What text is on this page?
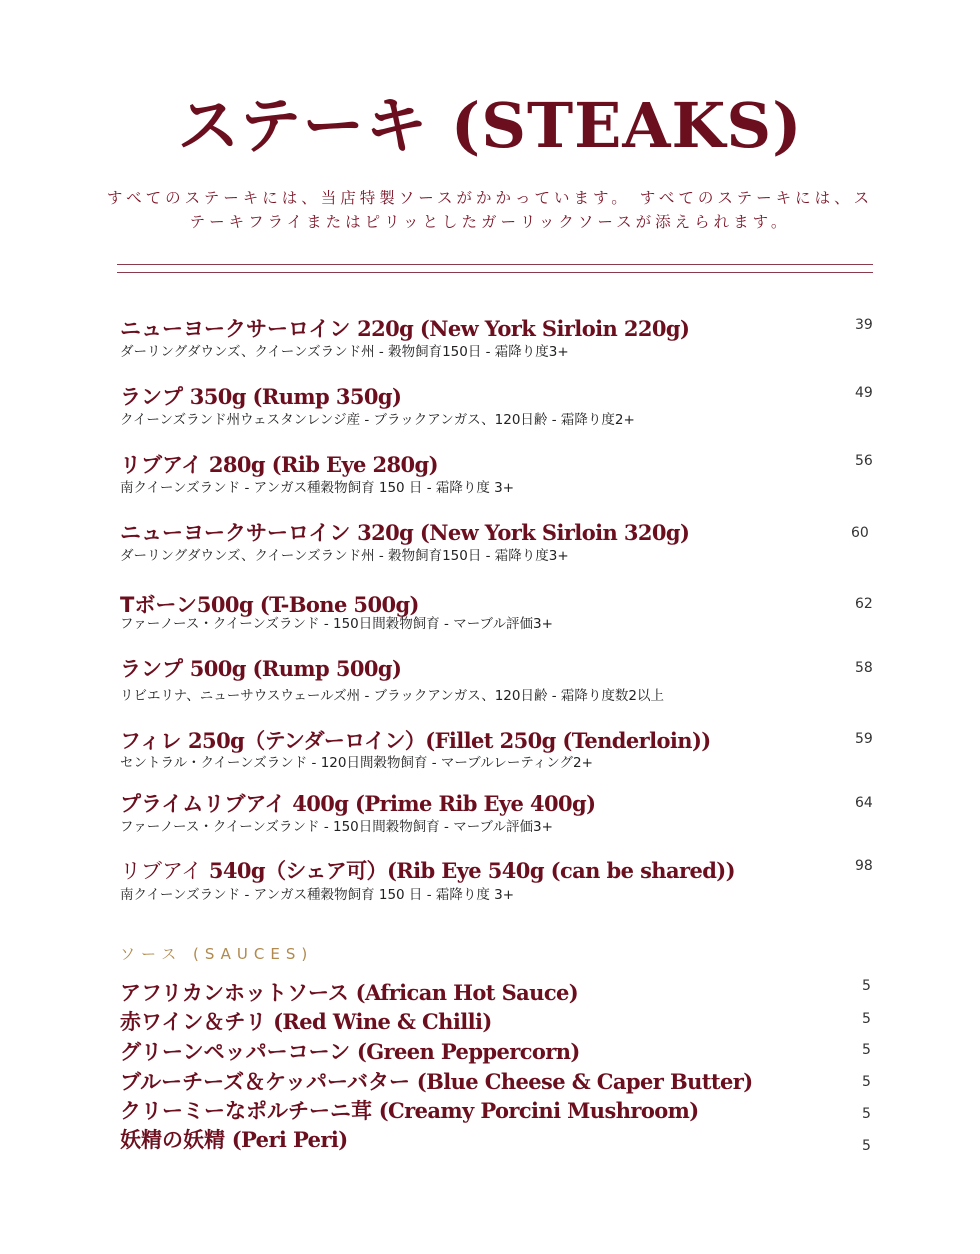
ステーキ (STEAKS)
すべてのステーキには、当店特製ソースがかかっています。 すべてのステーキには、ステーキフライまたはピリッとしたガーリックソースが添えられます。
ニューヨークサーロイン 220g (New York Sirloin 220g)
ダーリングダウンズ、クイーンズランド州 - 穀物飼育150日 - 霜降り度3+
39
ランプ 350g (Rump 350g)
クイーンズランド州ウェスタンレンジ産 - ブラックアンガス、120日齢 - 霜降り度2+
49
リブアイ 280g (Rib Eye 280g)
南クイーンズランド - アンガス種穀物飼育 150 日 - 霜降り度 3+
56
ニューヨークサーロイン 320g (New York Sirloin 320g)
ダーリングダウンズ、クイーンズランド州 - 穀物飼育150日 - 霜降り度3+
60
Tボーン500g (T-Bone 500g)
ファーノース・クイーンズランド - 150日間穀物飼育 - マーブル評価3+
62
ランプ 500g (Rump 500g)
リビエリナ、ニューサウスウェールズ州 - ブラックアンガス、120日齢 - 霜降り度数2以上
58
フィレ 250g（テンダーロイン）(Fillet 250g (Tenderloin))
セントラル・クイーンズランド - 120日間穀物飼育 - マーブルレーティング2+
59
プライムリブアイ 400g (Prime Rib Eye 400g)
ファーノース・クイーンズランド - 150日間穀物飼育 - マーブル評価3+
64
リブアイ 540g（シェア可）(Rib Eye 540g (can be shared))
南クイーンズランド - アンガス種穀物飼育 150 日 - 霜降り度 3+
98
ソース (SAUCES)
アフリカンホットソース (African Hot Sauce)	5
赤ワイン＆チリ (Red Wine & Chilli)	5
グリーンペッパーコーン (Green Peppercorn)	5
ブルーチーズ＆ケッパーバター (Blue Cheese & Caper Butter)	5
クリーミーなポルチーニ茸 (Creamy Porcini Mushroom)	5
妖精の妖精 (Peri Peri)	5
